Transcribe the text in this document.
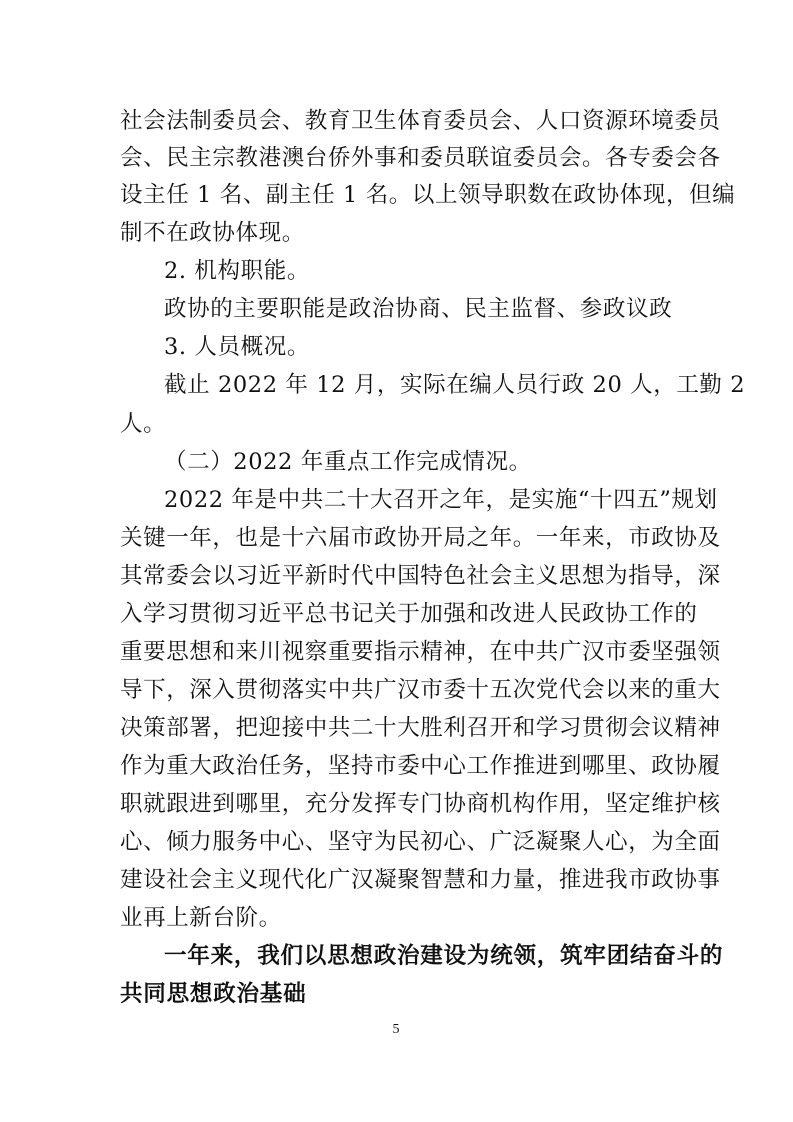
社会法制委员会、教育卫生体育委员会、人口资源环境委员
会、民主宗教港澳台侨外事和委员联谊委员会。各专委会各
设主任 1 名、副主任 1 名。以上领导职数在政协体现，但编
制不在政协体现。
2. 机构职能。
政协的主要职能是政治协商、民主监督、参政议政
3. 人员概况。
截止 2022 年 12 月，实际在编人员行政 20 人，工勤 2
人。
（二）2022 年重点工作完成情况。
2022 年是中共二十大召开之年，是实施“十四五”规划
关键一年，也是十六届市政协开局之年。一年来，市政协及
其常委会以习近平新时代中国特色社会主义思想为指导，深
入学习贯彻习近平总书记关于加强和改进人民政协工作的
重要思想和来川视察重要指示精神，在中共广汉市委坚强领
导下，深入贯彻落实中共广汉市委十五次党代会以来的重大
决策部署，把迎接中共二十大胜利召开和学习贯彻会议精神
作为重大政治任务，坚持市委中心工作推进到哪里、政协履
职就跟进到哪里，充分发挥专门协商机构作用，坚定维护核
心、倾力服务中心、坚守为民初心、广泛凝聚人心，为全面
建设社会主义现代化广汉凝聚智慧和力量，推进我市政协事
业再上新台阶。
一年来，我们以思想政治建设为统领，筑牢团结奋斗的
共同思想政治基础
5
